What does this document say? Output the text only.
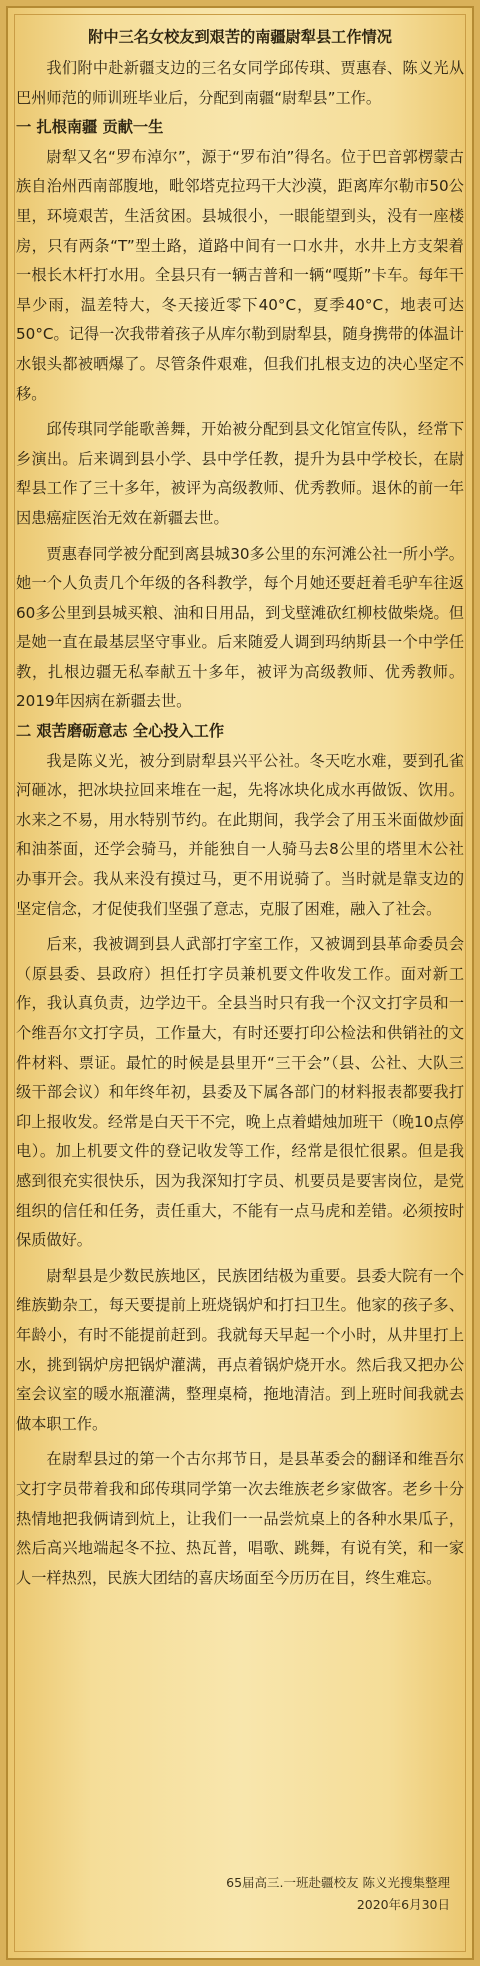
附中三名女校友到艰苦的南疆尉犁县工作情况

我们附中赴新疆支边的三名女同学邱传琪、贾惠春、陈义光从巴州师范的师训班毕业后，分配到南疆“尉犁县”工作。

一 扎根南疆 贡献一生

尉犁又名“罗布淖尔”，源于“罗布泊”得名。位于巴音郭楞蒙古族自治州西南部腹地，毗邻塔克拉玛干大沙漠，距离库尔勒市50公里，环境艰苦，生活贫困。县城很小，一眼能望到头，没有一座楼房，只有两条“T”型土路，道路中间有一口水井，水井上方支架着一根长木杆打水用。全县只有一辆吉普和一辆“嘎斯”卡车。每年干旱少雨，温差特大，冬天接近零下40°C，夏季40°C，地表可达50°C。记得一次我带着孩子从库尔勒到尉犁县，随身携带的体温计水银头都被晒爆了。尽管条件艰难，但我们扎根支边的决心坚定不移。

邱传琪同学能歌善舞，开始被分配到县文化馆宣传队，经常下乡演出。后来调到县小学、县中学任教，提升为县中学校长，在尉犁县工作了三十多年，被评为高级教师、优秀教师。退休的前一年因患癌症医治无效在新疆去世。

贾惠春同学被分配到离县城30多公里的东河滩公社一所小学。她一个人负责几个年级的各科教学，每个月她还要赶着毛驴车往返60多公里到县城买粮、油和日用品，到戈壁滩砍红柳枝做柴烧。但是她一直在最基层坚守事业。后来随爱人调到玛纳斯县一个中学任教，扎根边疆无私奉献五十多年，被评为高级教师、优秀教师。2019年因病在新疆去世。

二 艰苦磨砺意志 全心投入工作

我是陈义光，被分到尉犁县兴平公社。冬天吃水难，要到孔雀河砸冰，把冰块拉回来堆在一起，先将冰块化成水再做饭、饮用。水来之不易，用水特别节约。在此期间，我学会了用玉米面做炒面和油茶面，还学会骑马，并能独自一人骑马去8公里的塔里木公社办事开会。我从来没有摸过马，更不用说骑了。当时就是靠支边的坚定信念，才促使我们坚强了意志，克服了困难，融入了社会。

后来，我被调到县人武部打字室工作，又被调到县革命委员会（原县委、县政府）担任打字员兼机要文件收发工作。面对新工作，我认真负责，边学边干。全县当时只有我一个汉文打字员和一个维吾尔文打字员，工作量大，有时还要打印公检法和供销社的文件材料、票证。最忙的时候是县里开“三干会”（县、公社、大队三级干部会议）和年终年初，县委及下属各部门的材料报表都要我打印上报收发。经常是白天干不完，晚上点着蜡烛加班干（晚10点停电）。加上机要文件的登记收发等工作，经常是很忙很累。但是我感到很充实很快乐，因为我深知打字员、机要员是要害岗位，是党组织的信任和任务，责任重大，不能有一点马虎和差错。必须按时保质做好。

尉犁县是少数民族地区，民族团结极为重要。县委大院有一个维族勤杂工，每天要提前上班烧锅炉和打扫卫生。他家的孩子多、年龄小，有时不能提前赶到。我就每天早起一个小时，从井里打上水，挑到锅炉房把锅炉灌满，再点着锅炉烧开水。然后我又把办公室会议室的暖水瓶灌满，整理桌椅，拖地清洁。到上班时间我就去做本职工作。

在尉犁县过的第一个古尔邦节日，是县革委会的翻译和维吾尔文打字员带着我和邱传琪同学第一次去维族老乡家做客。老乡十分热情地把我俩请到炕上，让我们一一品尝炕桌上的各种水果瓜子，然后高兴地端起冬不拉、热瓦普，唱歌、跳舞，有说有笑，和一家人一样热烈，民族大团结的喜庆场面至今历历在目，终生难忘。

65届高三.一班赴疆校友 陈义光搜集整理
2020年6月30日
